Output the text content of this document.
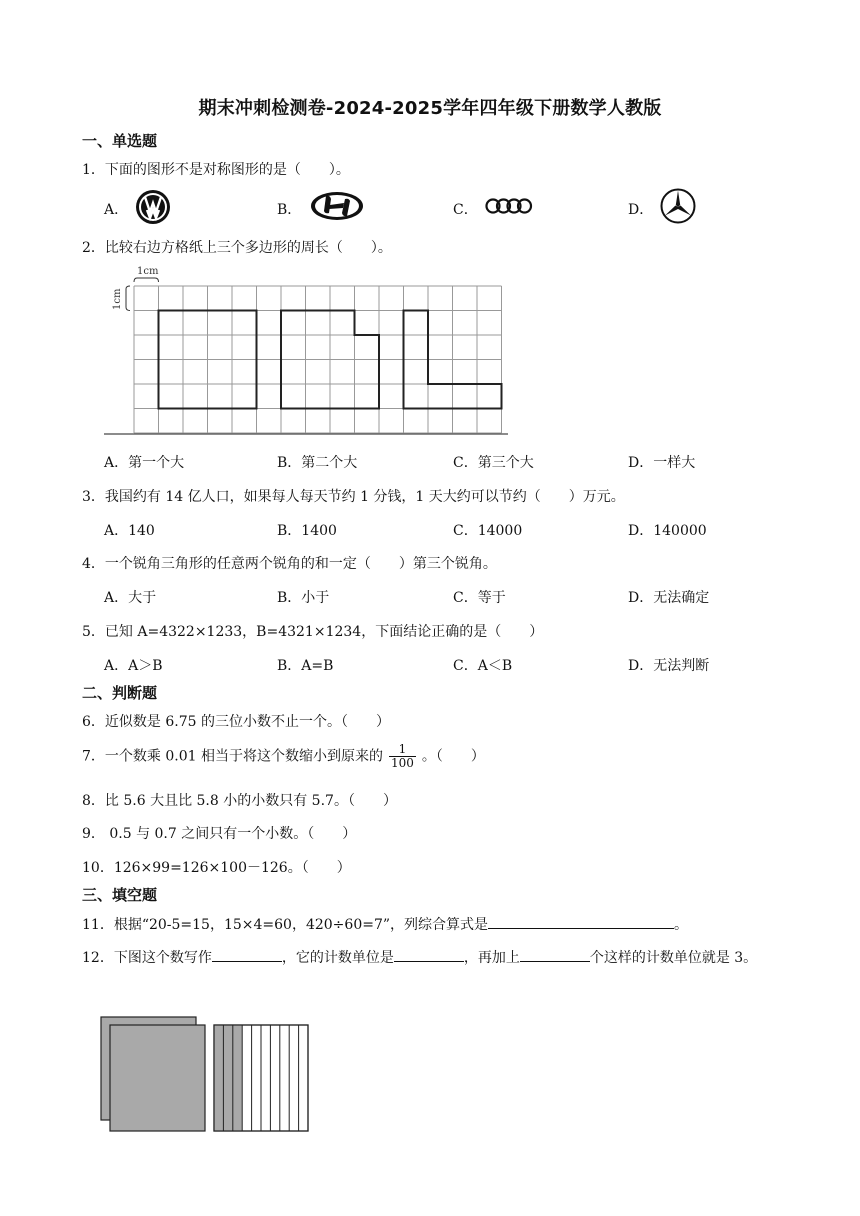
期末冲刺检测卷-2024-2025学年四年级下册数学人教版
一、单选题
1．下面的图形不是对称图形的是（　　）。
A．	B．	C．	D．
2．比较右边方格纸上三个多边形的周长（　　）。
1cm
1cm
A．第一个大	B．第二个大	C．第三个大	D．一样大
3．我国约有 14 亿人口，如果每人每天节约 1 分钱，1 天大约可以节约（　　）万元。
A．140	B．1400	C．14000	D．140000
4．一个锐角三角形的任意两个锐角的和一定（　　）第三个锐角。
A．大于	B．小于	C．等于	D．无法确定
5．已知 A=4322×1233，B=4321×1234，下面结论正确的是（　　）
A．A＞B	B．A=B	C．A＜B	D．无法判断
二、判断题
6．近似数是 6.75 的三位小数不止一个。（　　）
7．一个数乘 0.01 相当于将这个数缩小到原来的 $\frac{1}{100}$ 。（　　）
8．比 5.6 大且比 5.8 小的小数只有 5.7。（　　）
9． 0.5 与 0.7 之间只有一个小数。（　　）
10．126×99=126×100－126。（　　）
三、填空题
11．根据“20-5=15，15×4=60，420÷60=7”，列综合算式是	。
12．下图这个数写作	，它的计数单位是	，再加上	个这样的计数单位就是 3。
